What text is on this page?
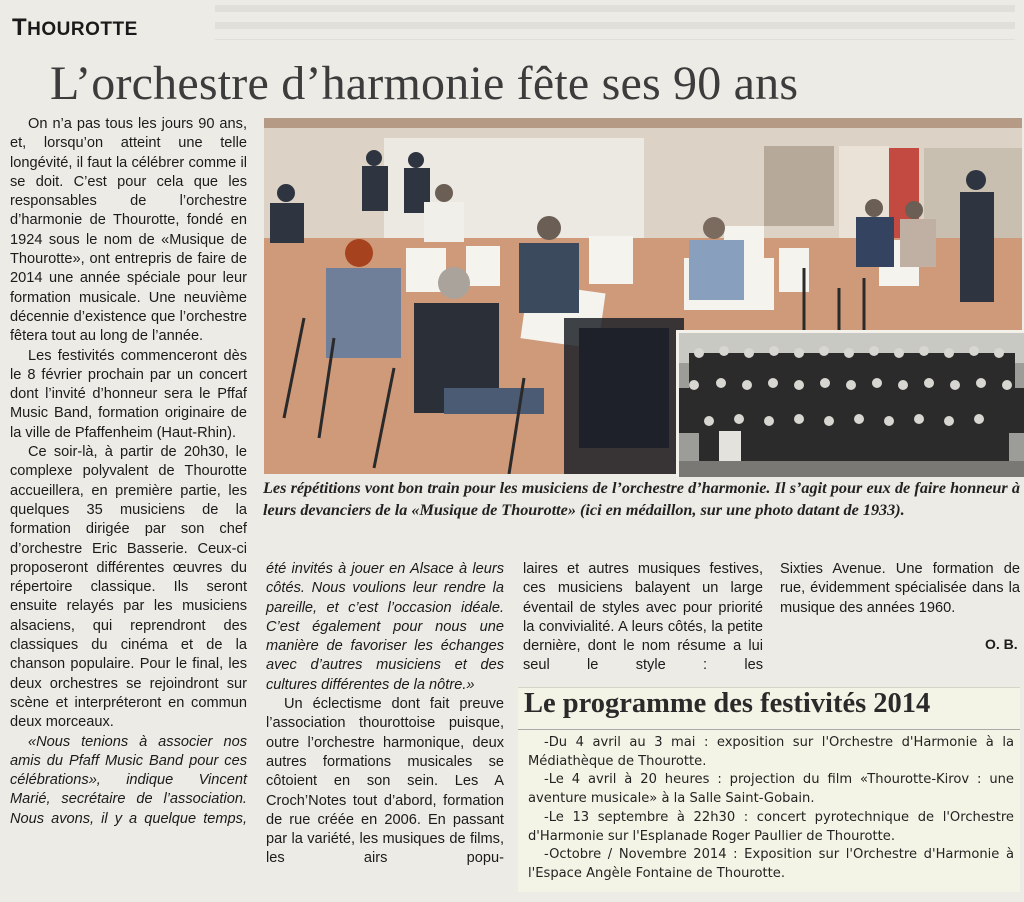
THOUROTTE
L’orchestre d’harmonie fête ses 90 ans

On n’a pas tous les jours 90 ans, et, lorsqu’on atteint une telle longévité, il faut la célébrer comme il se doit. C’est pour cela que les responsables de l’orchestre d’harmonie de Thourotte, fondé en 1924 sous le nom de «Musique de Thourotte», ont entrepris de faire de 2014 une année spéciale pour leur formation musicale. Une neuvième décennie d’existence que l’orchestre fêtera tout au long de l’année.

Les festivités commenceront dès le 8 février prochain par un concert dont l’invité d’honneur sera le Pffaf Music Band, formation originaire de la ville de Pfaffenheim (Haut-Rhin).

Ce soir-là, à partir de 20h30, le complexe polyvalent de Thourotte accueillera, en première partie, les quelques 35 musiciens de la formation dirigée par son chef d’orchestre Eric Basserie. Ceux-ci proposeront différentes œuvres du répertoire classique. Ils seront ensuite relayés par les musiciens alsaciens, qui reprendront des classiques du cinéma et de la chanson populaire. Pour le final, les deux orchestres se rejoindront sur scène et interpréteront en commun deux morceaux.

«Nous tenions à associer nos amis du Pfaff Music Band pour ces célébrations», indique Vincent Marié, secrétaire de l’association. Nous avons, il y a quelque temps,

Les répétitions vont bon train pour les musiciens de l’orchestre d’harmonie. Il s’agit pour eux de faire honneur à leurs devanciers de la «Musique de Thourotte» (ici en médaillon, sur une photo datant de 1933).

été invités à jouer en Alsace à leurs côtés. Nous voulions leur rendre la pareille, et c’est l’occasion idéale. C’est également pour nous une manière de favoriser les échanges avec d’autres musiciens et des cultures différentes de la nôtre.»

Un éclectisme dont fait preuve l’association thourottoise puisque, outre l’orchestre harmonique, deux autres formations musicales se côtoient en son sein. Les A Croch’Notes tout d’abord, formation de rue créée en 2006. En passant par la variété, les musiques de films, les airs popu-

laires et autres musiques festives, ces musiciens balayent un large éventail de styles avec pour priorité la convivialité. A leurs côtés, la petite dernière, dont le nom résume a lui seul le style : les

Sixties Avenue. Une formation de rue, évidemment spécialisée dans la musique des années 1960.

O. B.
Le programme des festivités 2014

-Du 4 avril au 3 mai : exposition sur l'Orchestre d'Harmonie à la Médiathèque de Thourotte.

-Le 4 avril à 20 heures : projection du film «Thourotte-Kirov : une aventure musicale» à la Salle Saint-Gobain.

-Le 13 septembre à 22h30 : concert pyrotechnique de l'Orchestre d'Harmonie sur l'Esplanade Roger Paullier de Thourotte.

-Octobre / Novembre 2014 : Exposition sur l'Orchestre d'Harmonie à l'Espace Angèle Fontaine de Thourotte.
